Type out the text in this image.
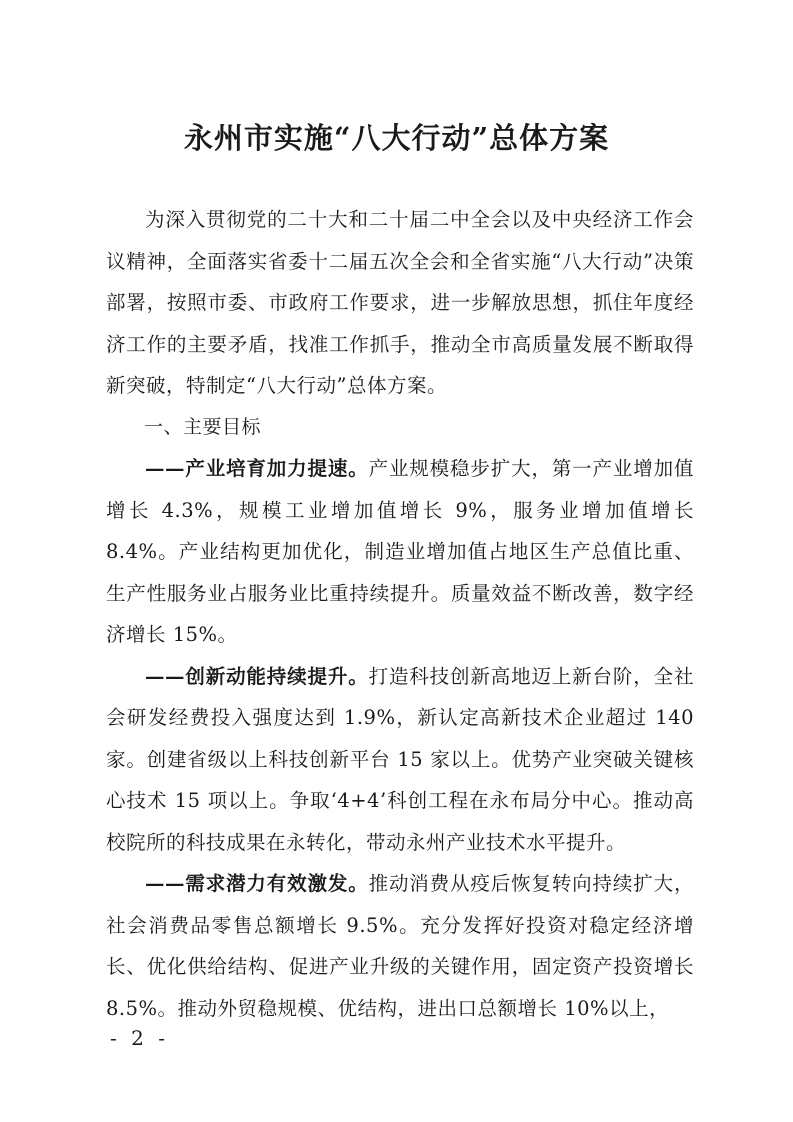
永州市实施“八大行动”总体方案

为深入贯彻党的二十大和二十届二中全会以及中央经济工作会议精神，全面落实省委十二届五次全会和全省实施“八大行动”决策部署，按照市委、市政府工作要求，进一步解放思想，抓住年度经济工作的主要矛盾，找准工作抓手，推动全市高质量发展不断取得新突破，特制定“八大行动”总体方案。

一、主要目标

——产业培育加力提速。产业规模稳步扩大，第一产业增加值增长 4.3%，规模工业增加值增长 9%，服务业增加值增长 8.4%。产业结构更加优化，制造业增加值占地区生产总值比重、生产性服务业占服务业比重持续提升。质量效益不断改善，数字经济增长 15%。

——创新动能持续提升。打造科技创新高地迈上新台阶，全社会研发经费投入强度达到 1.9%，新认定高新技术企业超过 140 家。创建省级以上科技创新平台 15 家以上。优势产业突破关键核心技术 15 项以上。争取‘4+4’科创工程在永布局分中心。推动高校院所的科技成果在永转化，带动永州产业技术水平提升。

——需求潜力有效激发。推动消费从疫后恢复转向持续扩大，社会消费品零售总额增长 9.5%。充分发挥好投资对稳定经济增长、优化供给结构、促进产业升级的关键作用，固定资产投资增长 8.5%。推动外贸稳规模、优结构，进出口总额增长 10%以上，

- 2 -
